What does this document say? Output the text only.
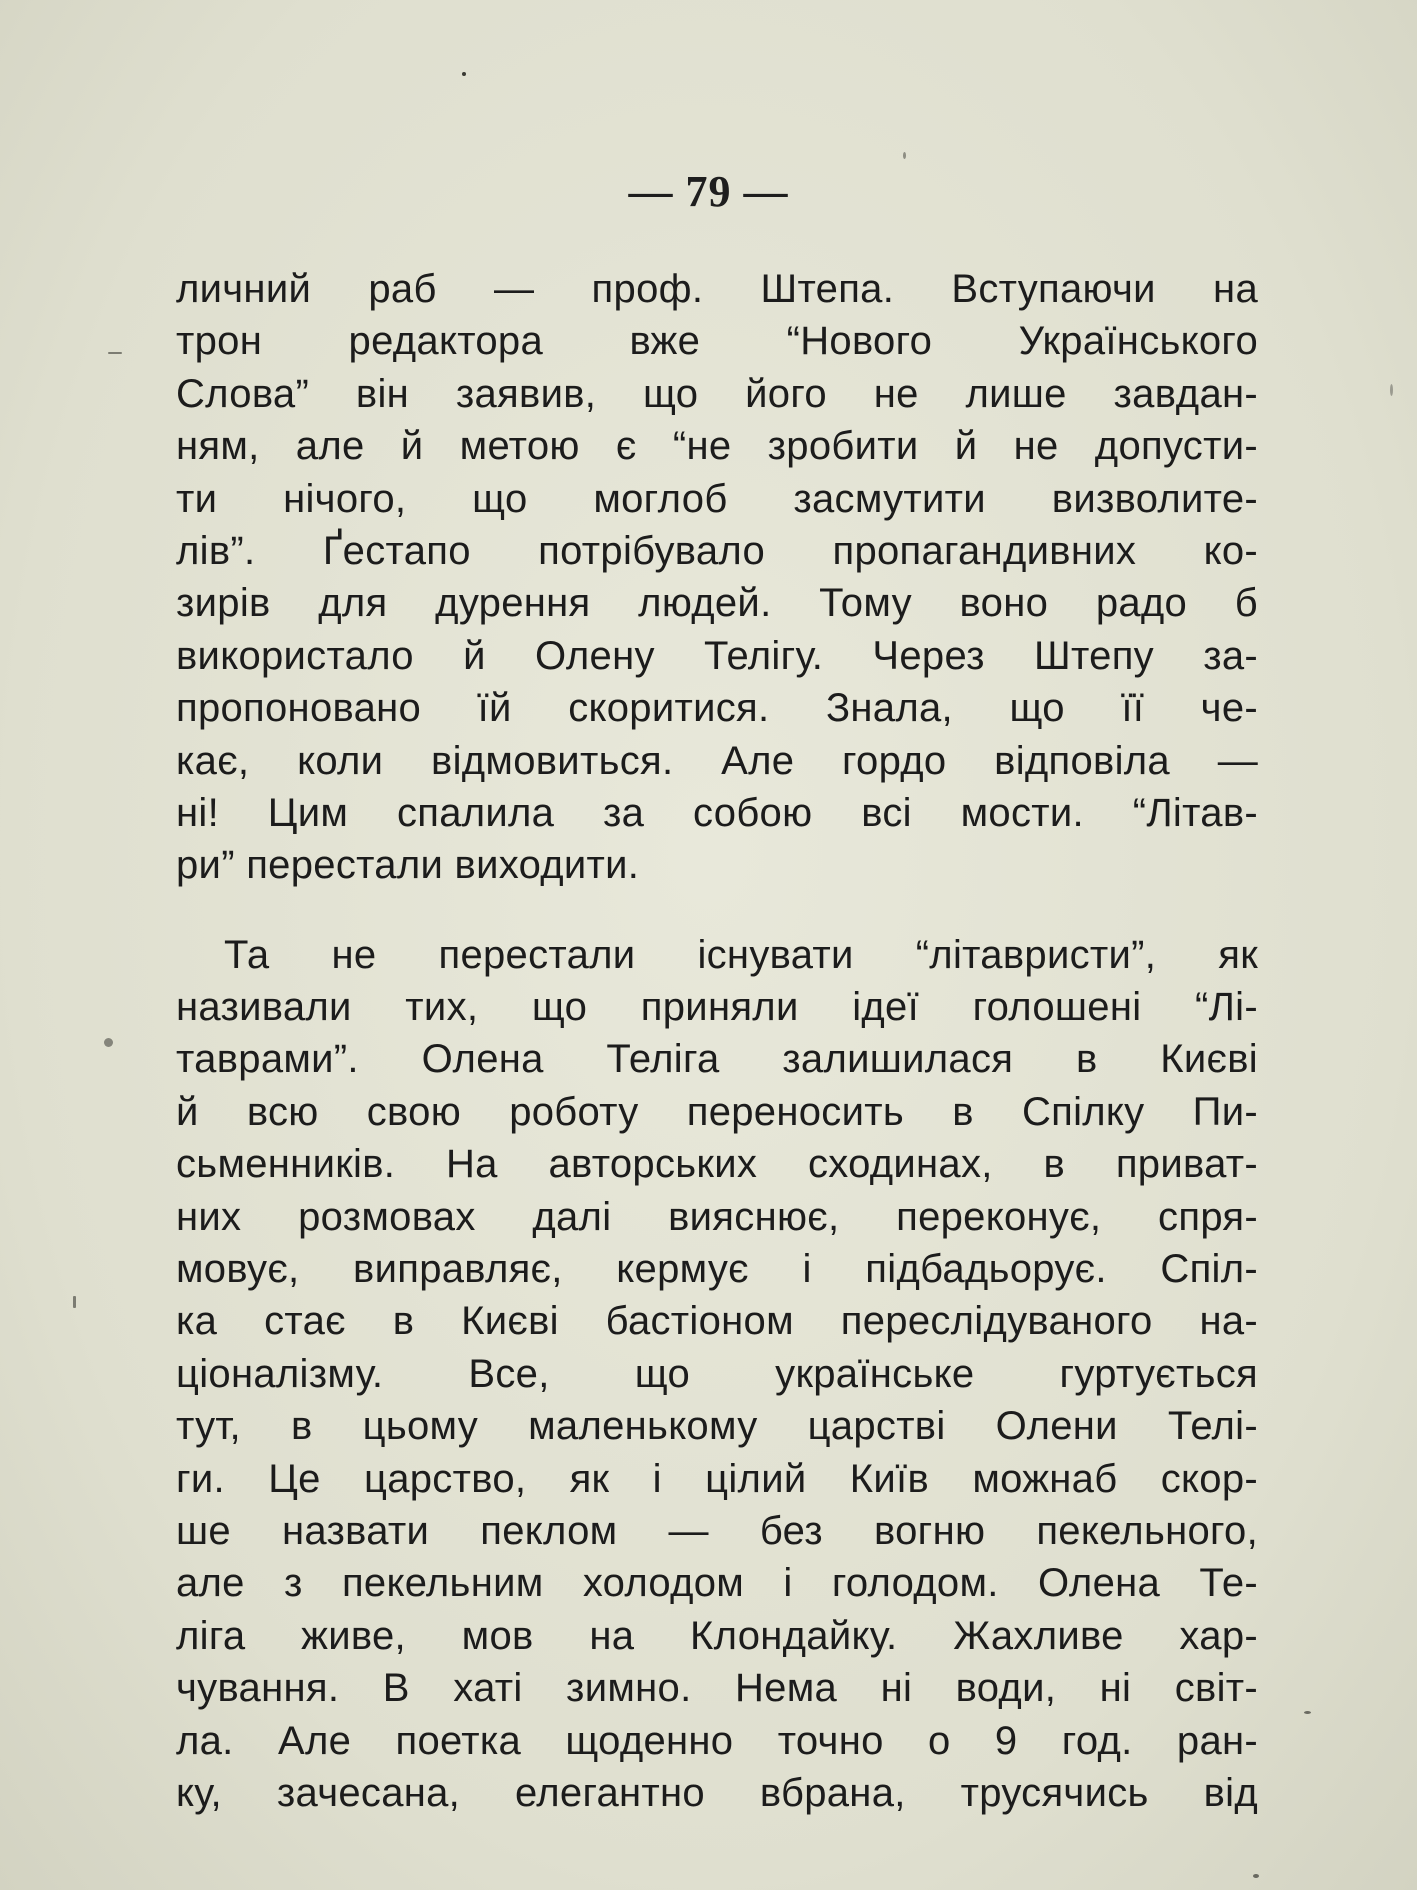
— 79 —
личний раб — проф. Штепа. Вступаючи на
трон редактора вже “Нового Українського
Слова” він заявив, що його не лише завдан-
ням, але й метою є “не зробити й не допусти-
ти нічого, що моглоб засмутити визволите-
лів”. Ґестапо потрібувало пропагандивних ко-
зирів для дурення людей. Тому воно радо б
використало й Олену Телігу. Через Штепу за-
пропоновано їй скоритися. Знала, що її че-
кає, коли відмовиться. Але гордо відповіла —
ні! Цим спалила за собою всі мости. “Літав-
ри” перестали виходити.
Та не перестали існувати “літавристи”, як
називали тих, що приняли ідеї голошені “Лі-
таврами”. Олена Теліга залишилася в Києві
й всю свою роботу переносить в Спілку Пи-
сьменників. На авторських сходинах, в приват-
них розмовах далі вияснює, переконує, спря-
мовує, виправляє, кермує і підбадьорує. Спіл-
ка стає в Києві бастіоном переслідуваного на-
ціоналізму. Все, що українське гуртується
тут, в цьому маленькому царстві Олени Телі-
ги. Це царство, як і цілий Київ можнаб скор-
ше назвати пеклом — без вогню пекельного,
але з пекельним холодом і голодом. Олена Те-
ліга живе, мов на Клондайку. Жахливе хар-
чування. В хаті зимно. Нема ні води, ні світ-
ла. Але поетка щоденно точно о 9 год. ран-
ку, зачесана, елегантно вбрана, трусячись від
